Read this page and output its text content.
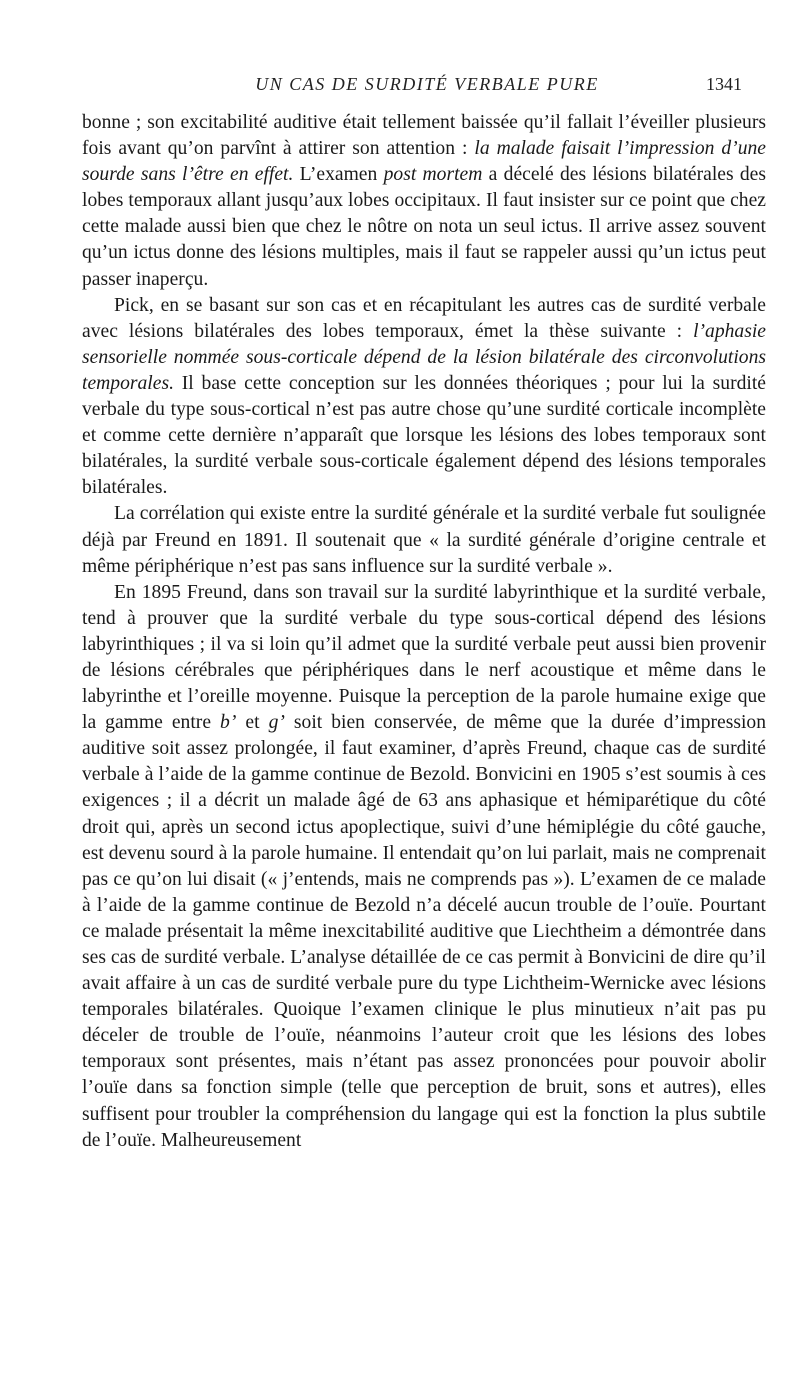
UN CAS DE SURDITÉ VERBALE PURE	1341

bonne ; son excitabilité auditive était tellement baissée qu’il fallait l’éveiller plusieurs fois avant qu’on parvînt à attirer son attention : la malade faisait l’impression d’une sourde sans l’être en effet. L’examen post mortem a décelé des lésions bilatérales des lobes temporaux allant jusqu’aux lobes occipitaux. Il faut insister sur ce point que chez cette malade aussi bien que chez le nôtre on nota un seul ictus. Il arrive assez souvent qu’un ictus donne des lésions multiples, mais il faut se rappeler aussi qu’un ictus peut passer inaperçu.

Pick, en se basant sur son cas et en récapitulant les autres cas de surdité verbale avec lésions bilatérales des lobes temporaux, émet la thèse suivante : l’aphasie sensorielle nommée sous-corticale dépend de la lésion bilatérale des circonvolutions temporales. Il base cette conception sur les données théoriques ; pour lui la surdité verbale du type sous-cortical n’est pas autre chose qu’une surdité corticale incomplète et comme cette dernière n’apparaît que lorsque les lésions des lobes temporaux sont bilatérales, la surdité verbale sous-corticale également dépend des lésions temporales bilatérales.

La corrélation qui existe entre la surdité générale et la surdité verbale fut soulignée déjà par Freund en 1891. Il soutenait que « la surdité générale d’origine centrale et même périphérique n’est pas sans influence sur la surdité verbale ».

En 1895 Freund, dans son travail sur la surdité labyrinthique et la surdité verbale, tend à prouver que la surdité verbale du type sous-cortical dépend des lésions labyrinthiques ; il va si loin qu’il admet que la surdité verbale peut aussi bien provenir de lésions cérébrales que périphériques dans le nerf acoustique et même dans le labyrinthe et l’oreille moyenne. Puisque la perception de la parole humaine exige que la gamme entre b’ et g’ soit bien conservée, de même que la durée d’impression auditive soit assez prolongée, il faut examiner, d’après Freund, chaque cas de surdité verbale à l’aide de la gamme continue de Bezold. Bonvicini en 1905 s’est soumis à ces exigences ; il a décrit un malade âgé de 63 ans aphasique et hémiparétique du côté droit qui, après un second ictus apoplectique, suivi d’une hémiplégie du côté gauche, est devenu sourd à la parole humaine. Il entendait qu’on lui parlait, mais ne comprenait pas ce qu’on lui disait (« j’entends, mais ne comprends pas »). L’examen de ce malade à l’aide de la gamme continue de Bezold n’a décelé aucun trouble de l’ouïe. Pourtant ce malade présentait la même inexcitabilité auditive que Liechtheim a démontrée dans ses cas de surdité verbale. L’analyse détaillée de ce cas permit à Bonvicini de dire qu’il avait affaire à un cas de surdité verbale pure du type Lichtheim-Wernicke avec lésions temporales bilatérales. Quoique l’examen clinique le plus minutieux n’ait pas pu déceler de trouble de l’ouïe, néanmoins l’auteur croit que les lésions des lobes temporaux sont présentes, mais n’étant pas assez prononcées pour pouvoir abolir l’ouïe dans sa fonction simple (telle que perception de bruit, sons et autres), elles suffisent pour troubler la compréhension du langage qui est la fonction la plus subtile de l’ouïe. Malheureusement
